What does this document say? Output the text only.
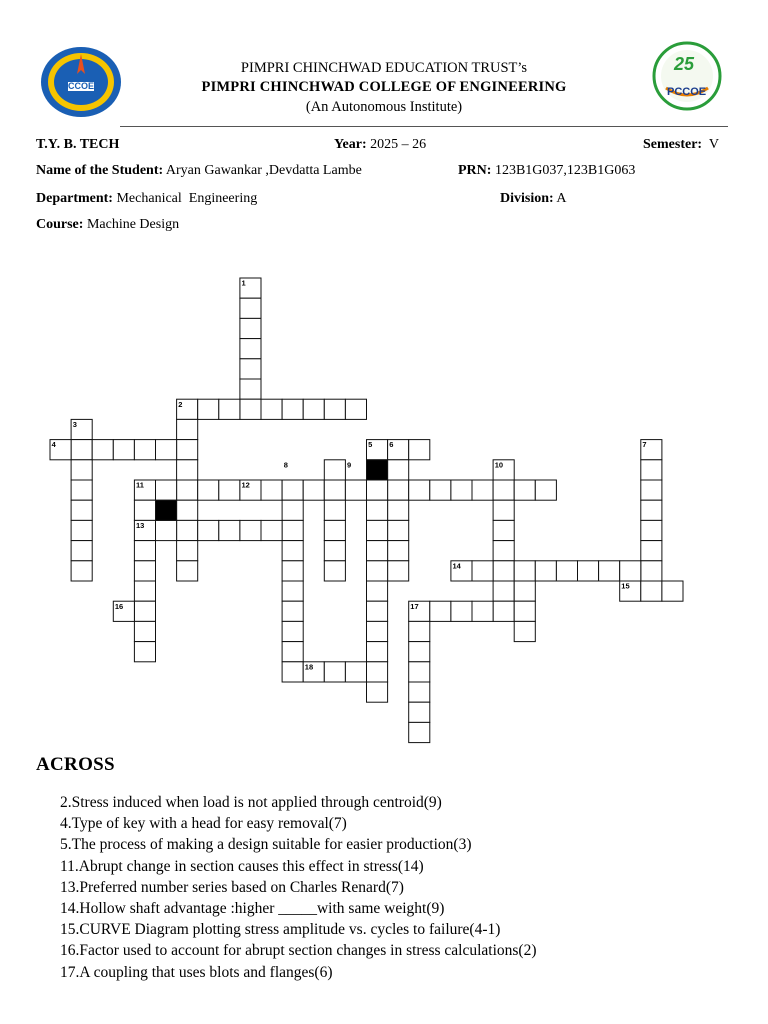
PCCOE
25
PCCOE
PIMPRI CHINCHWAD EDUCATION TRUST’s
PIMPRI CHINCHWAD COLLEGE OF ENGINEERING
(An Autonomous Institute)
T.Y. B. TECH	Year: 2025 – 26	Semester: V
Name of the Student: Aryan Gawankar ,Devdatta Lambe	PRN: 123B1G037,123B1G063
Department: Mechanical  Engineering	Division: A
Course: Machine Design
1
2
3
4	5 6	7
8	9	10
11	12
13
14
15
16	17
18
ACROSS
2.Stress induced when load is not applied through centroid(9)
4.Type of key with a head for easy removal(7)
5.The process of making a design suitable for easier production(3)
11.Abrupt change in section causes this effect in stress(14)
13.Preferred number series based on Charles Renard(7)
14.Hollow shaft advantage :higher _____with same weight(9)
15.CURVE Diagram plotting stress amplitude vs. cycles to failure(4-1)
16.Factor used to account for abrupt section changes in stress calculations(2)
17.A coupling that uses blots and flanges(6)
